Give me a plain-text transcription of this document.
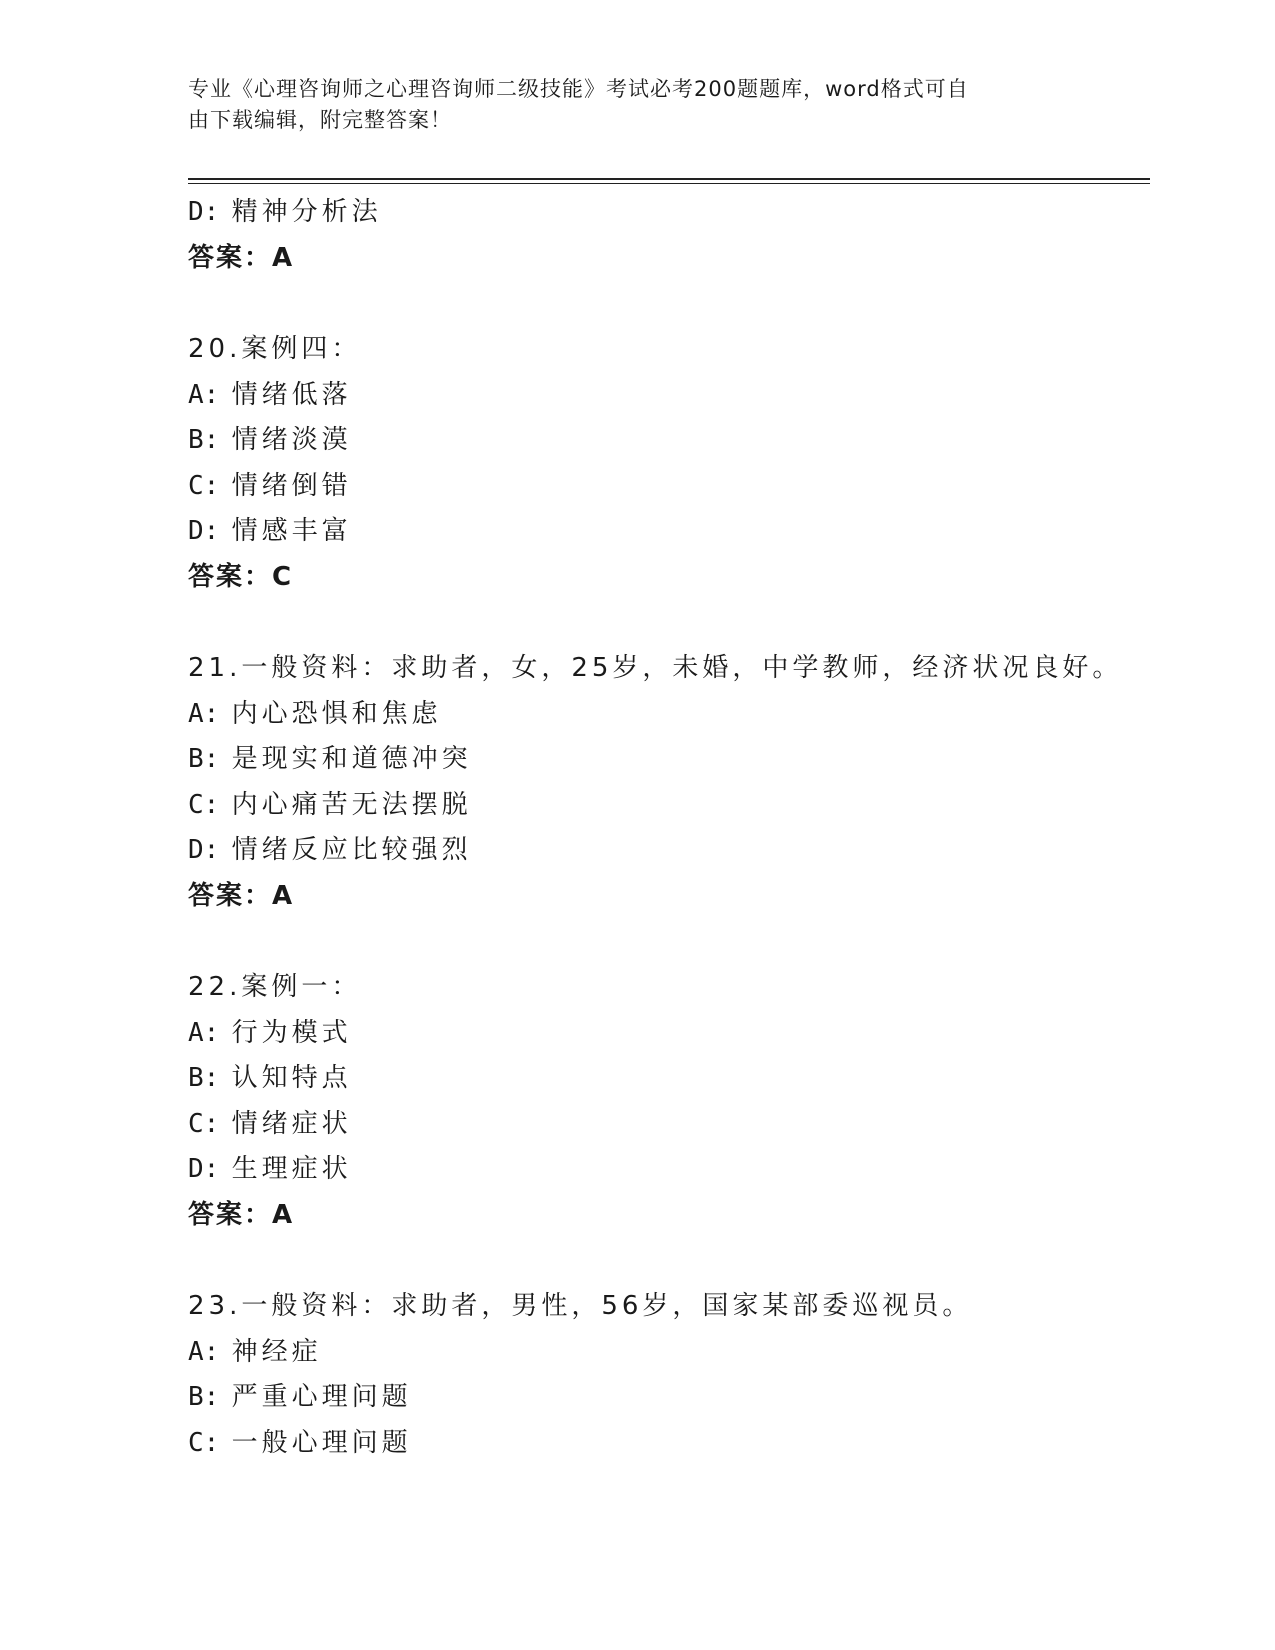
专业《心理咨询师之心理咨询师二级技能》考试必考200题题库，word格式可自
由下载编辑，附完整答案！
D: 精神分析法
答案：A
20.案例四：
A: 情绪低落
B: 情绪淡漠
C: 情绪倒错
D: 情感丰富
答案：C
21.一般资料：求助者，女，25岁，未婚，中学教师，经济状况良好。
A: 内心恐惧和焦虑
B: 是现实和道德冲突
C: 内心痛苦无法摆脱
D: 情绪反应比较强烈
答案：A
22.案例一：
A: 行为模式
B: 认知特点
C: 情绪症状
D: 生理症状
答案：A
23.一般资料：求助者，男性，56岁，国家某部委巡视员。
A: 神经症
B: 严重心理问题
C: 一般心理问题
